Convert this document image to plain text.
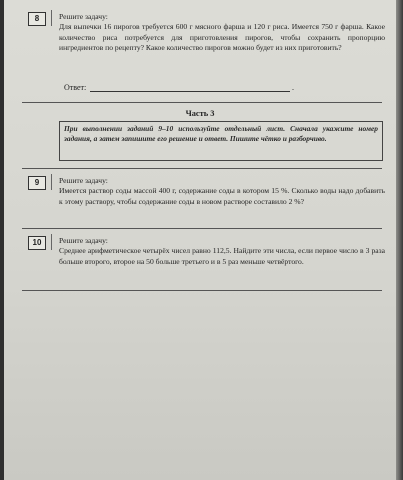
8	Решите задачу:
Для выпечки 16 пирогов требуется 600 г мясного фарша и 120 г риса. Имеется 750 г фарша. Какое количество риса потребуется для приготовления пирогов, чтобы сохранить пропорцию ингредиентов по рецепту? Какое количество пирогов можно будет из них приготовить?
Ответ:	.
Часть 3
При выполнении заданий 9–10 используйте отдельный лист. Сначала укажите номер задания, а затем запишите его решение и ответ. Пишите чётко и разборчиво.
9	Решите задачу:
Имеется раствор соды массой 400 г, содержание соды в котором 15 %. Сколько воды надо добавить к этому раствору, чтобы содержание соды в новом растворе составило 2 %?
10	Решите задачу:
Среднее арифметическое четырёх чисел равно 112,5. Найдите эти числа, если первое число в 3 раза больше второго, второе на 50 больше третьего и в 5 раз меньше четвёртого.
